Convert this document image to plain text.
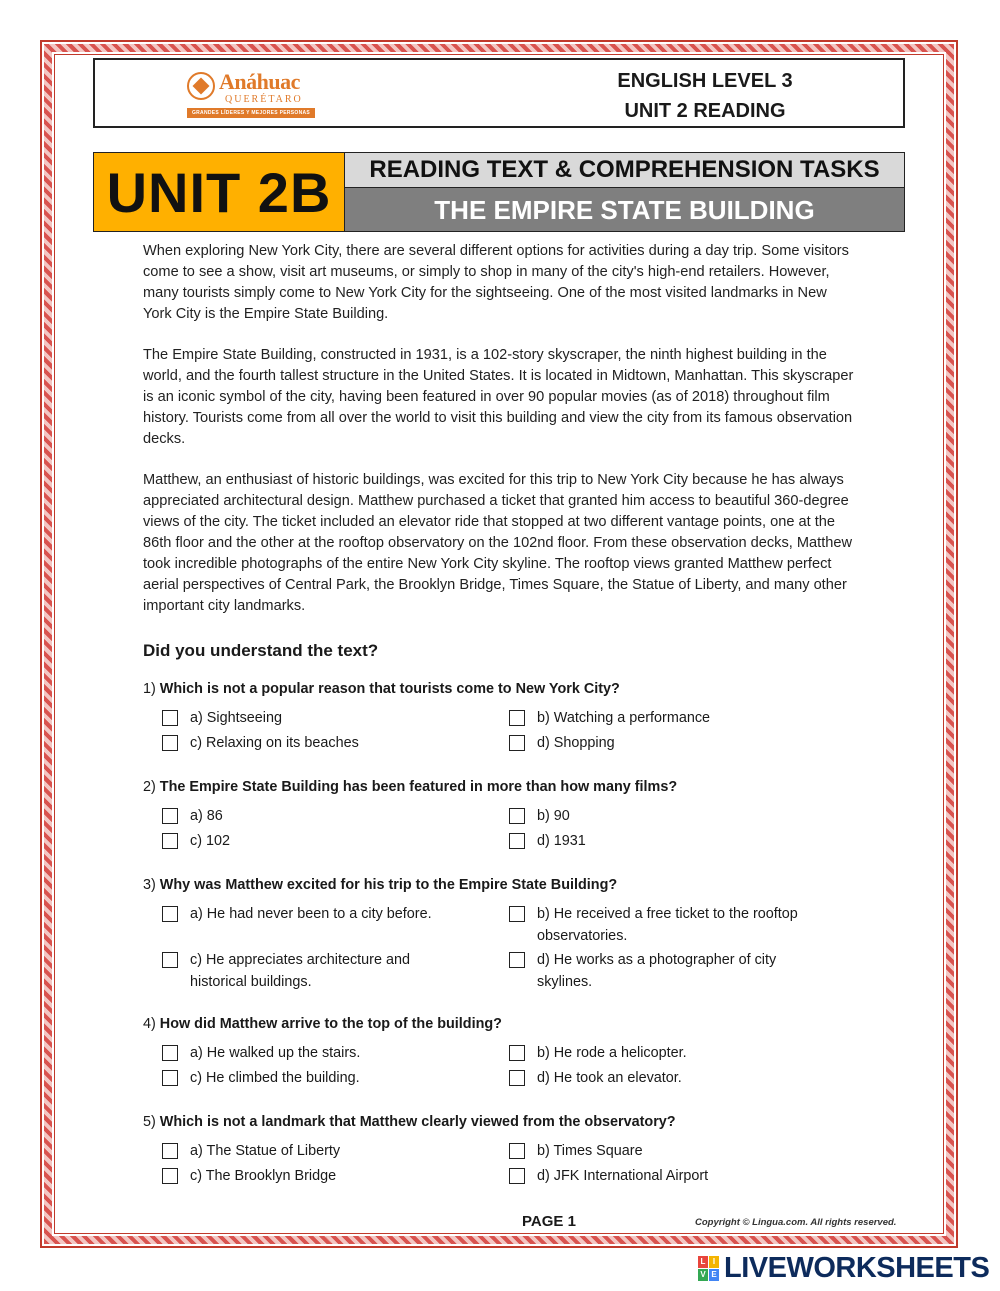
Anáhuac
QUERÉTARO
GRANDES LÍDERES Y MEJORES PERSONAS
ENGLISH LEVEL 3
UNIT 2 READING
UNIT 2B	READING TEXT & COMPREHENSION TASKS
THE EMPIRE STATE BUILDING

When exploring New York City, there are several different options for activities during a day trip. Some visitors come to see a show, visit art museums, or simply to shop in many of the city's high-end retailers. However, many tourists simply come to New York City for the sightseeing. One of the most visited landmarks in New York City is the Empire State Building.

The Empire State Building, constructed in 1931, is a 102-story skyscraper, the ninth highest building in the world, and the fourth tallest structure in the United States. It is located in Midtown, Manhattan. This skyscraper is an iconic symbol of the city, having been featured in over 90 popular movies (as of 2018) throughout film history. Tourists come from all over the world to visit this building and view the city from its famous observation decks.

Matthew, an enthusiast of historic buildings, was excited for this trip to New York City because he has always appreciated architectural design. Matthew purchased a ticket that granted him access to beautiful 360-degree views of the city. The ticket included an elevator ride that stopped at two different vantage points, one at the 86th floor and the other at the rooftop observatory on the 102nd floor. From these observation decks, Matthew took incredible photographs of the entire New York City skyline. The rooftop views granted Matthew perfect aerial perspectives of Central Park, the Brooklyn Bridge, Times Square, the Statue of Liberty, and many other important city landmarks.

Did you understand the text?
1) Which is not a popular reason that tourists come to New York City?
a) Sightseeing	b) Watching a performance
c) Relaxing on its beaches	d) Shopping
2) The Empire State Building has been featured in more than how many films?
a) 86	b) 90
c) 102	d) 1931
3) Why was Matthew excited for his trip to the Empire State Building?
a) He had never been to a city before.	b) He received a free ticket to the rooftop observatories.
c) He appreciates architecture and historical buildings.
d) He works as a photographer of city skylines.
4) How did Matthew arrive to the top of the building?
a) He walked up the stairs.	b) He rode a helicopter.
c) He climbed the building.	d) He took an elevator.
5) Which is not a landmark that Matthew clearly viewed from the observatory?
a) The Statue of Liberty	b) Times Square
c) The Brooklyn Bridge	d) JFK International Airport
PAGE 1	Copyright © Lingua.com. All rights reserved.
L I
V E LIVEWORKSHEETS
